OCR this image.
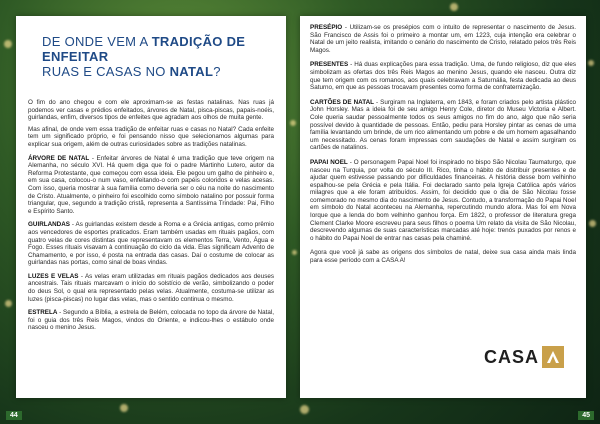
DE ONDE VEM A TRADIÇÃO DE ENFEITAR
RUAS E CASAS NO NATAL?

O fim do ano chegou e com ele aproximam-se as festas natalinas. Nas ruas já podemos ver casas e prédios enfeitados, árvores de Natal, pisca-piscas, papais-noéis, guirlandas, enfim, diversos tipos de enfeites que agradam aos olhos de muita gente.

Mas afinal, de onde vem essa tradição de enfeitar ruas e casas no Natal? Cada enfeite tem um significado próprio, e foi pensando nisso que selecionamos algumas para explicar sua origem, além de outras curiosidades sobre as tradições natalinas.

ÁRVORE DE NATAL - Enfeitar árvores de Natal é uma tradição que teve origem na Alemanha, no século XVI. Há quem diga que foi o padre Martinho Lutero, autor da Reforma Protestante, que começou com essa ideia. Ele pegou um galho de pinheiro e, em sua casa, colocou-o num vaso, enfeitando-o com papéis coloridos e velas acesas. Com isso, queria mostrar à sua família como deveria ser o céu na noite do nascimento de Cristo. Atualmente, o pinheiro foi escolhido como símbolo natalino por possuir forma triangular, que, segundo a tradição cristã, representa a Santíssima Trindade: Pai, Filho e Espírito Santo.

GUIRLANDAS - As guirlandas existem desde a Roma e a Grécia antigas, como prêmio aos vencedores de esportes praticados. Eram também usadas em rituais pagãos, com quatro velas de cores distintas que representavam os elementos Terra, Vento, Água e Fogo. Esses rituais visavam à continuação do ciclo da vida. Elas significam Advento de Chamamento, e por isso, é posta na entrada das casas. Daí o costume de colocar as guirlandas nas portas, como sinal de boas vindas.

LUZES E VELAS - As velas eram utilizadas em rituais pagãos dedicados aos deuses ancestrais. Tais rituais marcavam o início do solstício de verão, simbolizando o poder do deus Sol, o qual era representado pelas velas. Atualmente, costuma-se utilizar as luzes (pisca-piscas) no lugar das velas, mas o sentido continua o mesmo.

ESTRELA - Segundo a Bíblia, a estrela de Belém, colocada no topo da árvore de Natal, foi o guia dos três Reis Magos, vindos do Oriente, e indicou-lhes o estábulo onde nasceu o menino Jesus.

44

PRESÉPIO - Utilizam-se os presépios com o intuito de representar o nascimento de Jesus. São Francisco de Assis foi o primeiro a montar um, em 1223, cuja intenção era celebrar o Natal de um jeito realista, imitando o cenário do nascimento de Cristo, relatado pelos três Reis Magos.

PRESENTES - Há duas explicações para essa tradição. Uma, de fundo religioso, diz que eles simbolizam as ofertas dos três Reis Magos ao menino Jesus, quando ele nasceu. Outra diz que tem origem com os romanos, aos quais celebravam a Saturnália, festa dedicada ao deus Saturno, em que as pessoas trocavam presentes como forma de confraternização.

CARTÕES DE NATAL - Surgiram na Inglaterra, em 1843, e foram criados pelo artista plástico John Horsley. Mas a ideia foi de seu amigo Henry Cole, diretor do Museu Victoria e Albert. Cole queria saudar pessoalmente todos os seus amigos no fim do ano, algo que não seria possível devido à quantidade de pessoas. Então, pediu para Horsley pintar as cenas de uma família levantando um brinde, de um rico alimentando um pobre e de um homem agasalhando um necessitado. As cenas foram impressas com saudações de Natal e assim surgiram os cartões de natalinos.

PAPAI NOEL - O personagem Papai Noel foi inspirado no bispo São Nicolau Taumaturgo, que nasceu na Turquia, por volta do século III. Rico, tinha o hábito de distribuir presentes e de ajudar quem estivesse passando por dificuldades financeiras. A história desse bom velhinho espalhou-se pela Grécia e pela Itália. Foi declarado santo pela Igreja Católica após vários milagres que a ele foram atribuídos. Assim, foi decidido que o dia de São Nicolau fosse comemorado no mesmo dia do nascimento de Jesus. Contudo, a transformação do Papai Noel em símbolo do Natal aconteceu na Alemanha, repercutindo mundo afora. Mas foi em Nova Iorque que a lenda do bom velhinho ganhou força. Em 1822, o professor de literatura grega Clement Clarke Moore escreveu para seus filhos o poema Um relato da visita de São Nicolau, descrevendo algumas de suas características marcadas até hoje: trenós puxados por renos e o hábito do Papai Noel de entrar nas casas pela chaminé.

Agora que você já sabe as origens dos símbolos de natal, deixe sua casa ainda mais linda para esse período com a CASA A!

CASA
45
